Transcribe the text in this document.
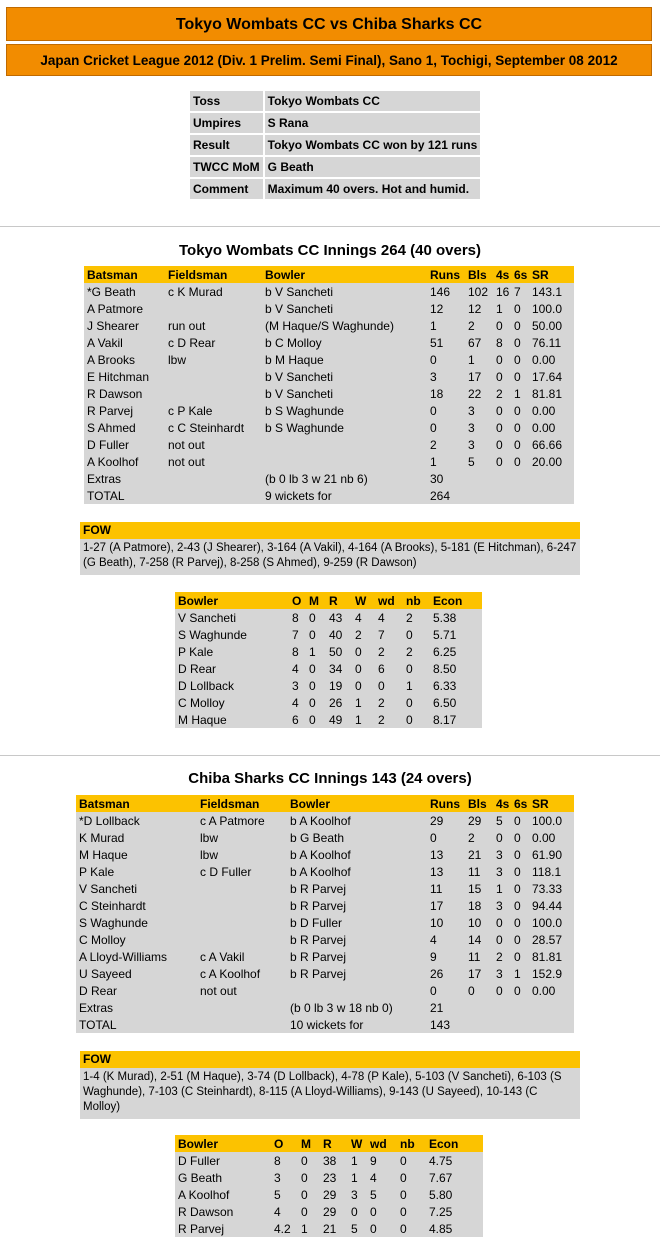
Tokyo Wombats CC vs Chiba Sharks CC
Japan Cricket League 2012 (Div. 1 Prelim. Semi Final), Sano 1, Tochigi, September 08 2012
Toss	Tokyo Wombats CC
Umpires	S Rana
Result	Tokyo Wombats CC won by 121 runs
TWCC MoM	G Beath
Comment	Maximum 40 overs. Hot and humid.
Tokyo Wombats CC Innings 264 (40 overs)
Batsman	Fieldsman	Bowler	Runs	Bls	4s	6s	SR
*G Beath	c K Murad	b V Sancheti	146	102	16	7	143.1
A Patmore		b V Sancheti	12	12	1	0	100.0
J Shearer	run out	(M Haque/S Waghunde)	1	2	0	0	50.00
A Vakil	c D Rear	b C Molloy	51	67	8	0	76.11
A Brooks	lbw	b M Haque	0	1	0	0	0.00
E Hitchman		b V Sancheti	3	17	0	0	17.64
R Dawson		b V Sancheti	18	22	2	1	81.81
R Parvej	c P Kale	b S Waghunde	0	3	0	0	0.00
S Ahmed	c C Steinhardt	b S Waghunde	0	3	0	0	0.00
D Fuller	not out		2	3	0	0	66.66
A Koolhof	not out		1	5	0	0	20.00
Extras		(b 0 lb 3 w 21 nb 6)	30				
TOTAL		9 wickets for	264				
FOW
1-27 (A Patmore), 2-43 (J Shearer), 3-164 (A Vakil), 4-164 (A Brooks), 5-181 (E Hitchman), 6-247 (G Beath), 7-258 (R Parvej), 8-258 (S Ahmed), 9-259 (R Dawson)
Bowler	O	M	R	W	wd	nb	Econ
V Sancheti	8	0	43	4	4	2	5.38
S Waghunde	7	0	40	2	7	0	5.71
P Kale	8	1	50	0	2	2	6.25
D Rear	4	0	34	0	6	0	8.50
D Lollback	3	0	19	0	0	1	6.33
C Molloy	4	0	26	1	2	0	6.50
M Haque	6	0	49	1	2	0	8.17
Chiba Sharks CC Innings 143 (24 overs)
Batsman	Fieldsman	Bowler	Runs	Bls	4s	6s	SR
*D Lollback	c A Patmore	b A Koolhof	29	29	5	0	100.0
K Murad	lbw	b G Beath	0	2	0	0	0.00
M Haque	lbw	b A Koolhof	13	21	3	0	61.90
P Kale	c D Fuller	b A Koolhof	13	11	3	0	118.1
V Sancheti		b R Parvej	11	15	1	0	73.33
C Steinhardt		b R Parvej	17	18	3	0	94.44
S Waghunde		b D Fuller	10	10	0	0	100.0
C Molloy		b R Parvej	4	14	0	0	28.57
A Lloyd-Williams	c A Vakil	b R Parvej	9	11	2	0	81.81
U Sayeed	c A Koolhof	b R Parvej	26	17	3	1	152.9
D Rear	not out		0	0	0	0	0.00
Extras		(b 0 lb 3 w 18 nb 0)	21				
TOTAL		10 wickets for	143				
FOW
1-4 (K Murad), 2-51 (M Haque), 3-74 (D Lollback), 4-78 (P Kale), 5-103 (V Sancheti), 6-103 (S Waghunde), 7-103 (C Steinhardt), 8-115 (A Lloyd-Williams), 9-143 (U Sayeed), 10-143 (C Molloy)
Bowler	O	M	R	W	wd	nb	Econ
D Fuller	8	0	38	1	9	0	4.75
G Beath	3	0	23	1	4	0	7.67
A Koolhof	5	0	29	3	5	0	5.80
R Dawson	4	0	29	0	0	0	7.25
R Parvej	4.2	1	21	5	0	0	4.85
